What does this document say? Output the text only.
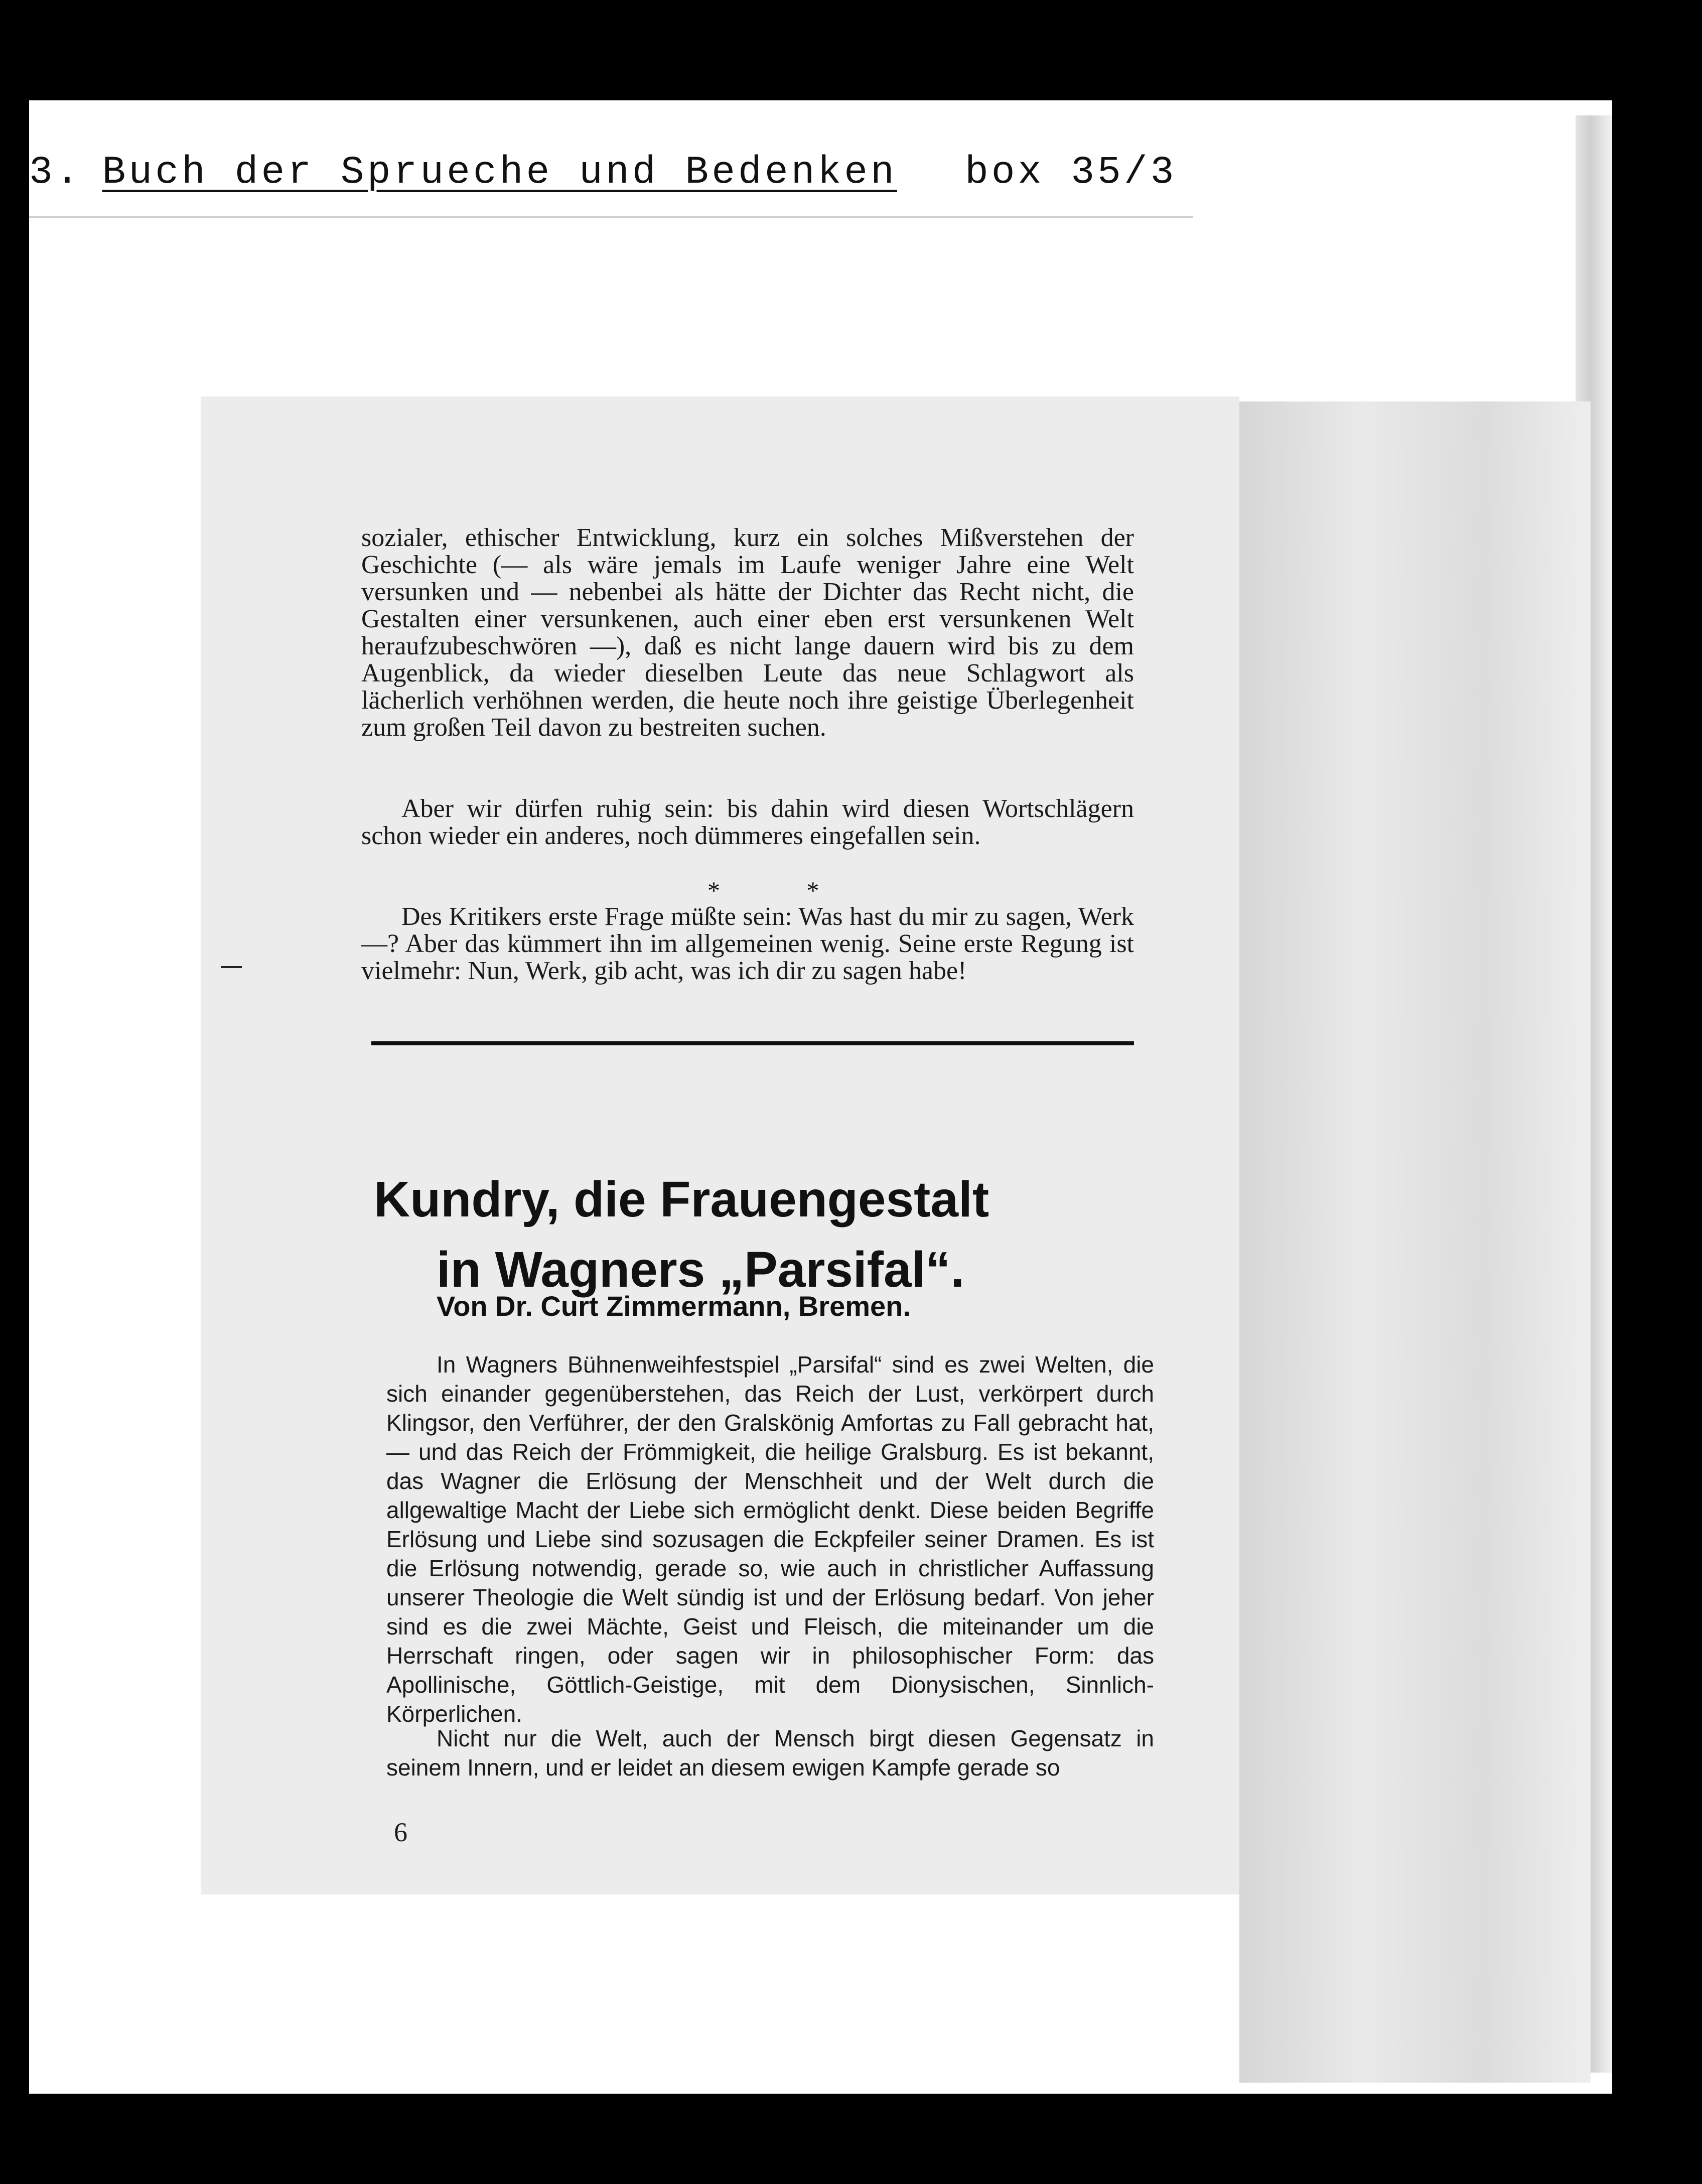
3. Buch der Sprueche und Bedenken box 35/3

sozialer, ethischer Entwicklung, kurz ein solches Mißverstehen der Geschichte (— als wäre jemals im Laufe weniger Jahre eine Welt versunken und — nebenbei als hätte der Dichter das Recht nicht, die Gestalten einer versunkenen, auch einer eben erst versunkenen Welt heraufzubeschwören —), daß es nicht lange dauern wird bis zu dem Augenblick, da wieder dieselben Leute das neue Schlagwort als lächerlich verhöhnen werden, die heute noch ihre geistige Überlegenheit zum großen Teil davon zu bestreiten suchen.

Aber wir dürfen ruhig sein: bis dahin wird diesen Wortschlägern schon wieder ein anderes, noch dümmeres eingefallen sein.

* *

Des Kritikers erste Frage müßte sein: Was hast du mir zu sagen, Werk —? Aber das kümmert ihn im allgemeinen wenig. Seine erste Regung ist vielmehr: Nun, Werk, gib acht, was ich dir zu sagen habe!

Kundry, die Frauengestalt
in Wagners „Parsifal“.

Von Dr. Curt Zimmermann, Bremen.

In Wagners Bühnenweihfestspiel „Parsifal“ sind es zwei Welten, die sich einander gegenüberstehen, das Reich der Lust, verkörpert durch Klingsor, den Verführer, der den Gralskönig Amfortas zu Fall gebracht hat, — und das Reich der Frömmigkeit, die heilige Gralsburg. Es ist bekannt, das Wagner die Erlösung der Menschheit und der Welt durch die allgewaltige Macht der Liebe sich ermöglicht denkt. Diese beiden Begriffe Erlösung und Liebe sind sozusagen die Eckpfeiler seiner Dramen. Es ist die Erlösung notwendig, gerade so, wie auch in christlicher Auffassung unserer Theologie die Welt sündig ist und der Erlösung bedarf. Von jeher sind es die zwei Mächte, Geist und Fleisch, die miteinander um die Herrschaft ringen, oder sagen wir in philosophischer Form: das Apollinische, Göttlich-Geistige, mit dem Dionysischen, Sinnlich-Körperlichen.

Nicht nur die Welt, auch der Mensch birgt diesen Gegensatz in seinem Innern, und er leidet an diesem ewigen Kampfe gerade so

6
